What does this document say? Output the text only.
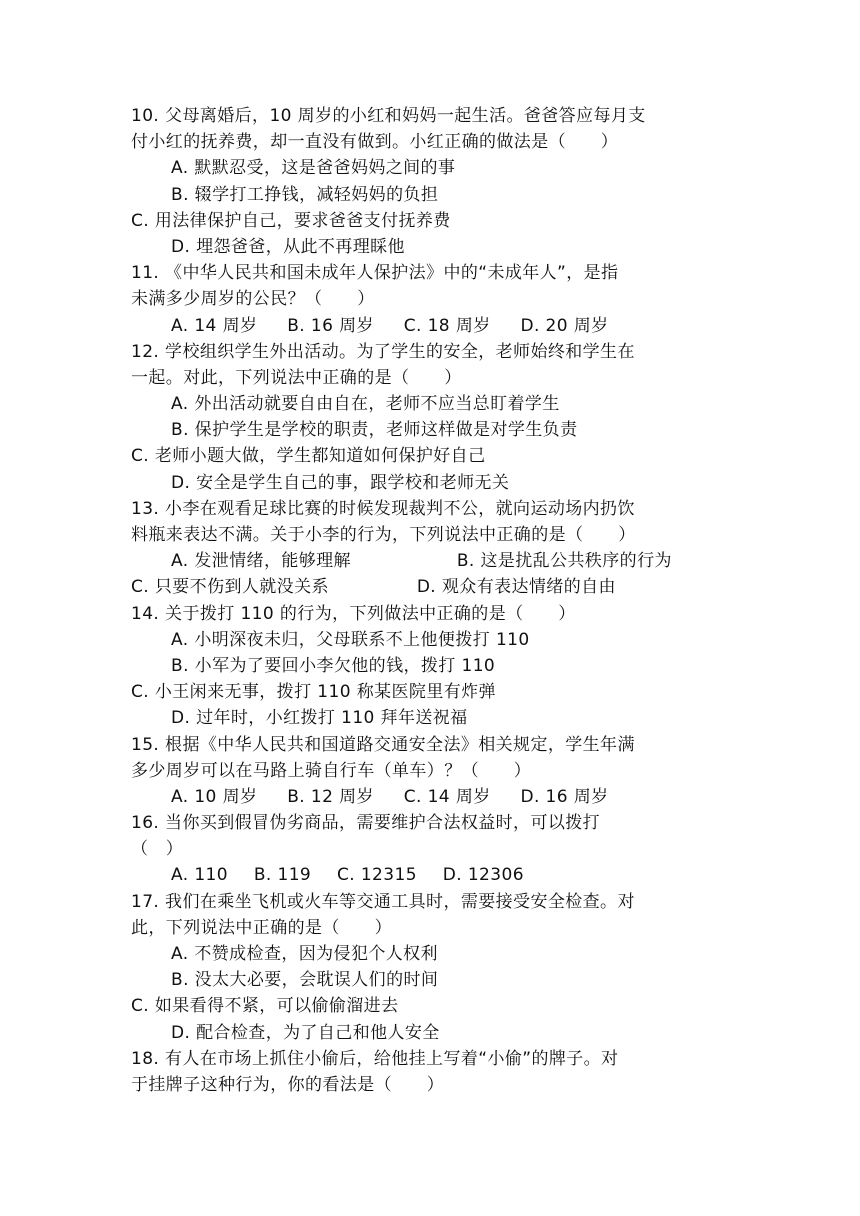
10. 父母离婚后，10 周岁的小红和妈妈一起生活。爸爸答应每月支
付小红的抚养费，却一直没有做到。小红正确的做法是（　　）
A. 默默忍受，这是爸爸妈妈之间的事
B. 辍学打工挣钱，减轻妈妈的负担
C. 用法律保护自己，要求爸爸支付抚养费
D. 埋怨爸爸，从此不再理睬他
11. 《中华人民共和国未成年人保护法》中的“未成年人”，是指
未满多少周岁的公民？（　　）
A. 14 周岁 B. 16 周岁 C. 18 周岁 D. 20 周岁
12. 学校组织学生外出活动。为了学生的安全，老师始终和学生在
一起。对此，下列说法中正确的是（　　）
A. 外出活动就要自由自在，老师不应当总盯着学生
B. 保护学生是学校的职责，老师这样做是对学生负责
C. 老师小题大做，学生都知道如何保护好自己
D. 安全是学生自己的事，跟学校和老师无关
13. 小李在观看足球比赛的时候发现裁判不公，就向运动场内扔饮
料瓶来表达不满。关于小李的行为，下列说法中正确的是（　　）
A. 发泄情绪，能够理解	B. 这是扰乱公共秩序的行为
C. 只要不伤到人就没关系	D. 观众有表达情绪的自由
14. 关于拨打 110 的行为，下列做法中正确的是（　　）
A. 小明深夜未归，父母联系不上他便拨打 110
B. 小军为了要回小李欠他的钱，拨打 110
C. 小王闲来无事，拨打 110 称某医院里有炸弹
D. 过年时，小红拨打 110 拜年送祝福
15. 根据《中华人民共和国道路交通安全法》相关规定，学生年满
多少周岁可以在马路上骑自行车（单车）？（　　）
A. 10 周岁 B. 12 周岁 C. 14 周岁 D. 16 周岁
16. 当你买到假冒伪劣商品，需要维护合法权益时，可以拨打
（　）
A. 110 B. 119 C. 12315 D. 12306
17. 我们在乘坐飞机或火车等交通工具时，需要接受安全检查。对
此，下列说法中正确的是（　　）
A. 不赞成检查，因为侵犯个人权利
B. 没太大必要，会耽误人们的时间
C. 如果看得不紧，可以偷偷溜进去
D. 配合检查，为了自己和他人安全
18. 有人在市场上抓住小偷后，给他挂上写着“小偷”的牌子。对
于挂牌子这种行为，你的看法是（　　）
